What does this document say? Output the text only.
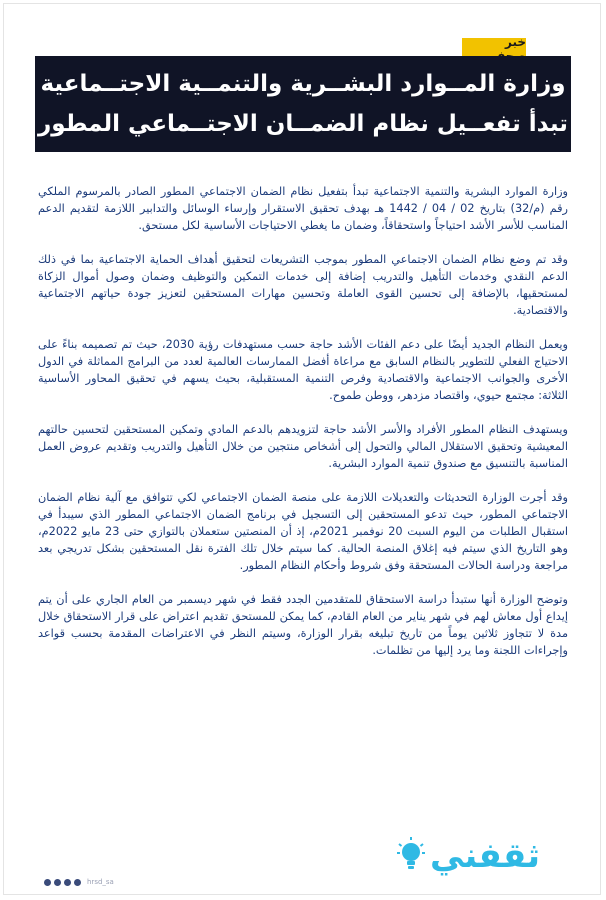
خبر
وزارة المــوارد البشــرية والتنمــية الاجتــماعية
تبدأ تفعــيل نظام الضمــان الاجتــماعي المطور

وزارة الموارد البشرية والتنمية الاجتماعية تبدأ بتفعيل نظام الضمان الاجتماعي المطور الصادر بالمرسوم الملكي رقم (م/32) بتاريخ 02 / 04 / 1442 هـ بهدف تحقيق الاستقرار وإرساء الوسائل والتدابير اللازمة لتقديم الدعم المناسب للأسر الأشد احتياجاً واستحقاقاً، وضمان ما يغطي الاحتياجات الأساسية لكل مستحق.

وقد تم وضع نظام الضمان الاجتماعي المطور بموجب التشريعات لتحقيق أهداف الحماية الاجتماعية بما في ذلك الدعم النقدي وخدمات التأهيل والتدريب إضافة إلى خدمات التمكين والتوظيف وضمان وصول أموال الزكاة لمستحقيها، بالإضافة إلى تحسين القوى العاملة وتحسين مهارات المستحقين لتعزيز جودة حياتهم الاجتماعية والاقتصادية.

ويعمل النظام الجديد أيضًا على دعم الفئات الأشد حاجة حسب مستهدفات رؤية 2030، حيث تم تصميمه بناءً على الاحتياج الفعلي للتطوير بالنظام السابق مع مراعاة أفضل الممارسات العالمية لعدد من البرامج المماثلة في الدول الأخرى والجوانب الاجتماعية والاقتصادية وفرص التنمية المستقبلية، بحيث يسهم في تحقيق المحاور الأساسية الثلاثة: مجتمع حيوي، واقتصاد مزدهر، ووطن طموح.

ويستهدف النظام المطور الأفراد والأسر الأشد حاجة لتزويدهم بالدعم المادي وتمكين المستحقين لتحسين حالتهم المعيشية وتحقيق الاستقلال المالي والتحول إلى أشخاص منتجين من خلال التأهيل والتدريب وتقديم عروض العمل المناسبة بالتنسيق مع صندوق تنمية الموارد البشرية.

وقد أجرت الوزارة التحديثات والتعديلات اللازمة على منصة الضمان الاجتماعي لكي تتوافق مع آلية نظام الضمان الاجتماعي المطور، حيث تدعو المستحقين إلى التسجيل في برنامج الضمان الاجتماعي المطور الذي سيبدأ في استقبال الطلبات من اليوم السبت 20 نوفمبر 2021م، إذ أن المنصتين ستعملان بالتوازي حتى 23 مايو 2022م، وهو التاريخ الذي سيتم فيه إغلاق المنصة الحالية. كما سيتم خلال تلك الفترة نقل المستحقين بشكل تدريجي بعد مراجعة ودراسة الحالات المستحقة وفق شروط وأحكام النظام المطور.

وتوضح الوزارة أنها ستبدأ دراسة الاستحقاق للمتقدمين الجدد فقط في شهر ديسمبر من العام الجاري على أن يتم إيداع أول معاش لهم في شهر يناير من العام القادم، كما يمكن للمستحق تقديم اعتراض على قرار الاستحقاق خلال مدة لا تتجاوز ثلاثين يوماً من تاريخ تبليغه بقرار الوزارة، وسيتم النظر في الاعتراضات المقدمة بحسب قواعد وإجراءات اللجنة وما يرد إليها من تظلمات.

ثقفني
hrsd_sa
